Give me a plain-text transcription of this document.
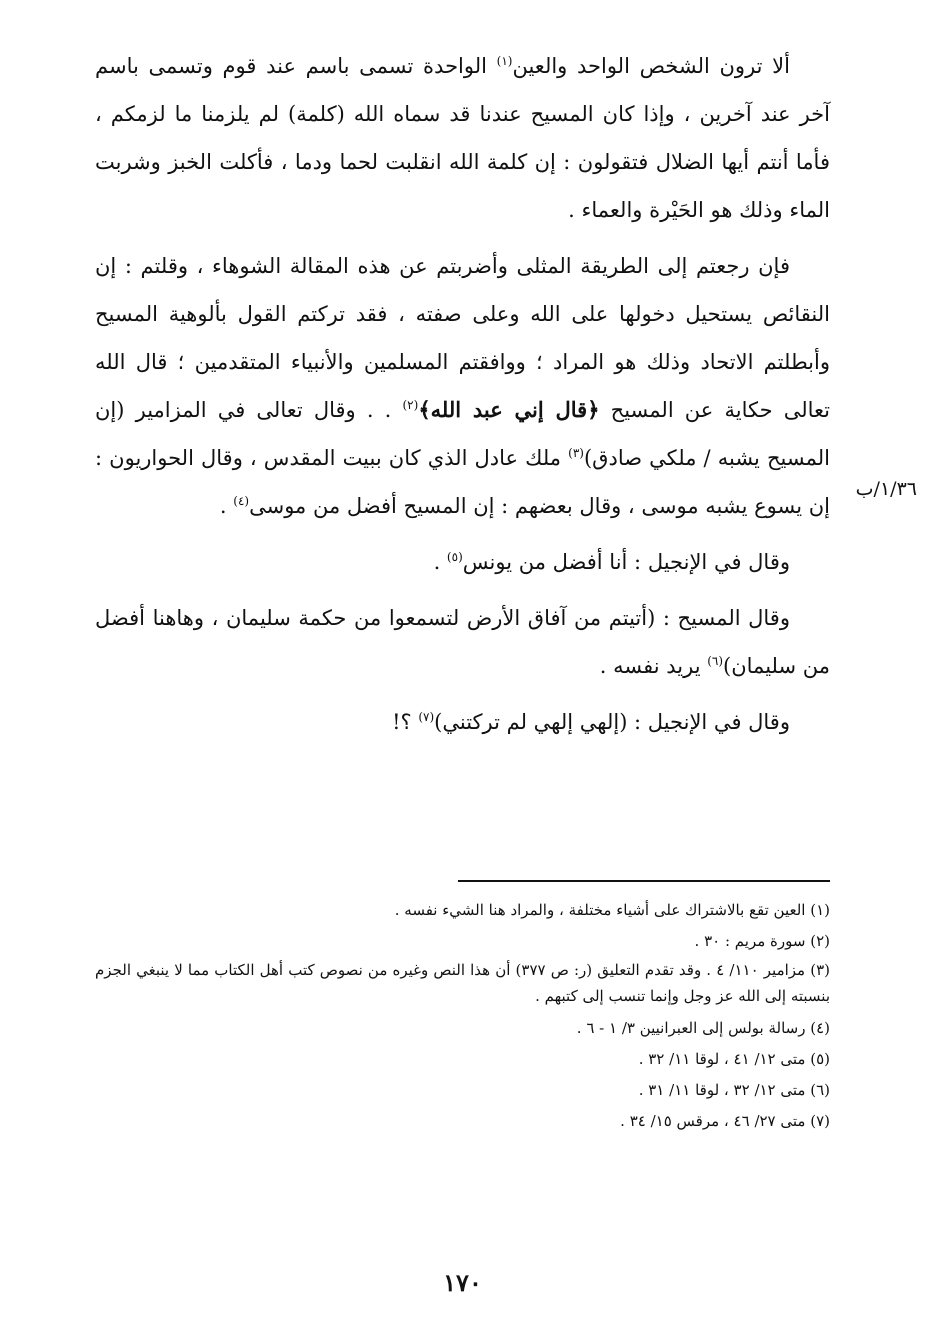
ألا ترون الشخص الواحد والعين$^{(١)}$ الواحدة تسمى باسم عند قوم وتسمى باسم آخر عند آخرين ، وإذا كان المسيح عندنا قد سماه الله (كلمة) لم يلزمنا ما لزمكم ، فأما أنتم أيها الضلال فتقولون : إن كلمة الله انقلبت لحما ودما ، فأكلت الخبز وشربت الماء وذلك هو الحَيْرة والعماء .

فإن رجعتم إلى الطريقة المثلى وأضربتم عن هذه المقالة الشوهاء ، وقلتم : إن النقائص يستحيل دخولها على الله وعلى صفته ، فقد تركتم القول بألوهية المسيح وأبطلتم الاتحاد وذلك هو المراد ؛ ووافقتم المسلمين والأنبياء المتقدمين ؛ قال الله تعالى حكاية عن المسيح ﴿قال إني عبد الله﴾$^{(٢)}$ . . وقال تعالى في المزامير (إن المسيح يشبه / ملكي صادق)$^{(٣)}$ ملك عادل الذي كان ببيت المقدس ، وقال الحواريون : إن يسوع يشبه موسى ، وقال بعضهم : إن المسيح أفضل من موسى$^{(٤)}$ .

وقال في الإنجيل : أنا أفضل من يونس$^{(٥)}$ .

وقال المسيح : (أتيتم من آفاق الأرض لتسمعوا من حكمة سليمان ، وهاهنا أفضل من سليمان)$^{(٦)}$ يريد نفسه .

وقال في الإنجيل : (إلهي إلهي لم تركتني)$^{(٧)}$ ؟!

١/٣٦/ب

(١) العين تقع بالاشتراك على أشياء مختلفة ، والمراد هنا الشيء نفسه .

(٢) سورة مريم : ٣٠ .

(٣) مزامير ١١٠/ ٤ . وقد تقدم التعليق (ر: ص ٣٧٧) أن هذا النص وغيره من نصوص كتب أهل الكتاب مما لا ينبغي الجزم بنسبته إلى الله عز وجل وإنما تنسب إلى كتبهم .

(٤) رسالة بولس إلى العبرانيين ٣/ ١ - ٦ .

(٥) متى ١٢/ ٤١ ، لوقا ١١/ ٣٢ .

(٦) متى ١٢/ ٣٢ ، لوقا ١١/ ٣١ .

(٧) متى ٢٧/ ٤٦ ، مرقس ١٥/ ٣٤ .

١٧٠
